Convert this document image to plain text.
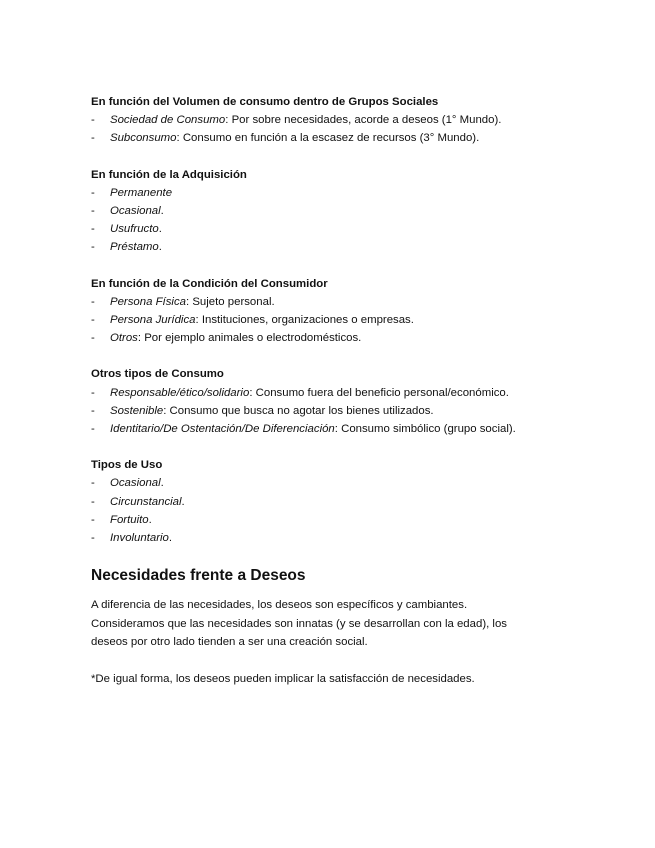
En función del Volumen de consumo dentro de Grupos Sociales
- Sociedad de Consumo: Por sobre necesidades, acorde a deseos (1° Mundo).
- Subconsumo: Consumo en función a la escasez de recursos (3° Mundo).
En función de la Adquisición
- Permanente
- Ocasional.
- Usufructo.
- Préstamo.
En función de la Condición del Consumidor
- Persona Física: Sujeto personal.
- Persona Jurídica: Instituciones, organizaciones o empresas.
- Otros: Por ejemplo animales o electrodomésticos.
Otros tipos de Consumo
- Responsable/ético/solidario: Consumo fuera del beneficio personal/económico.
- Sostenible: Consumo que busca no agotar los bienes utilizados.
- Identitario/De Ostentación/De Diferenciación: Consumo simbólico (grupo social).
Tipos de Uso
- Ocasional.
- Circunstancial.
- Fortuito.
- Involuntario.
Necesidades frente a Deseos

A diferencia de las necesidades, los deseos son específicos y cambiantes.
Consideramos que las necesidades son innatas (y se desarrollan con la edad), los
deseos por otro lado tienden a ser una creación social.

*De igual forma, los deseos pueden implicar la satisfacción de necesidades.
